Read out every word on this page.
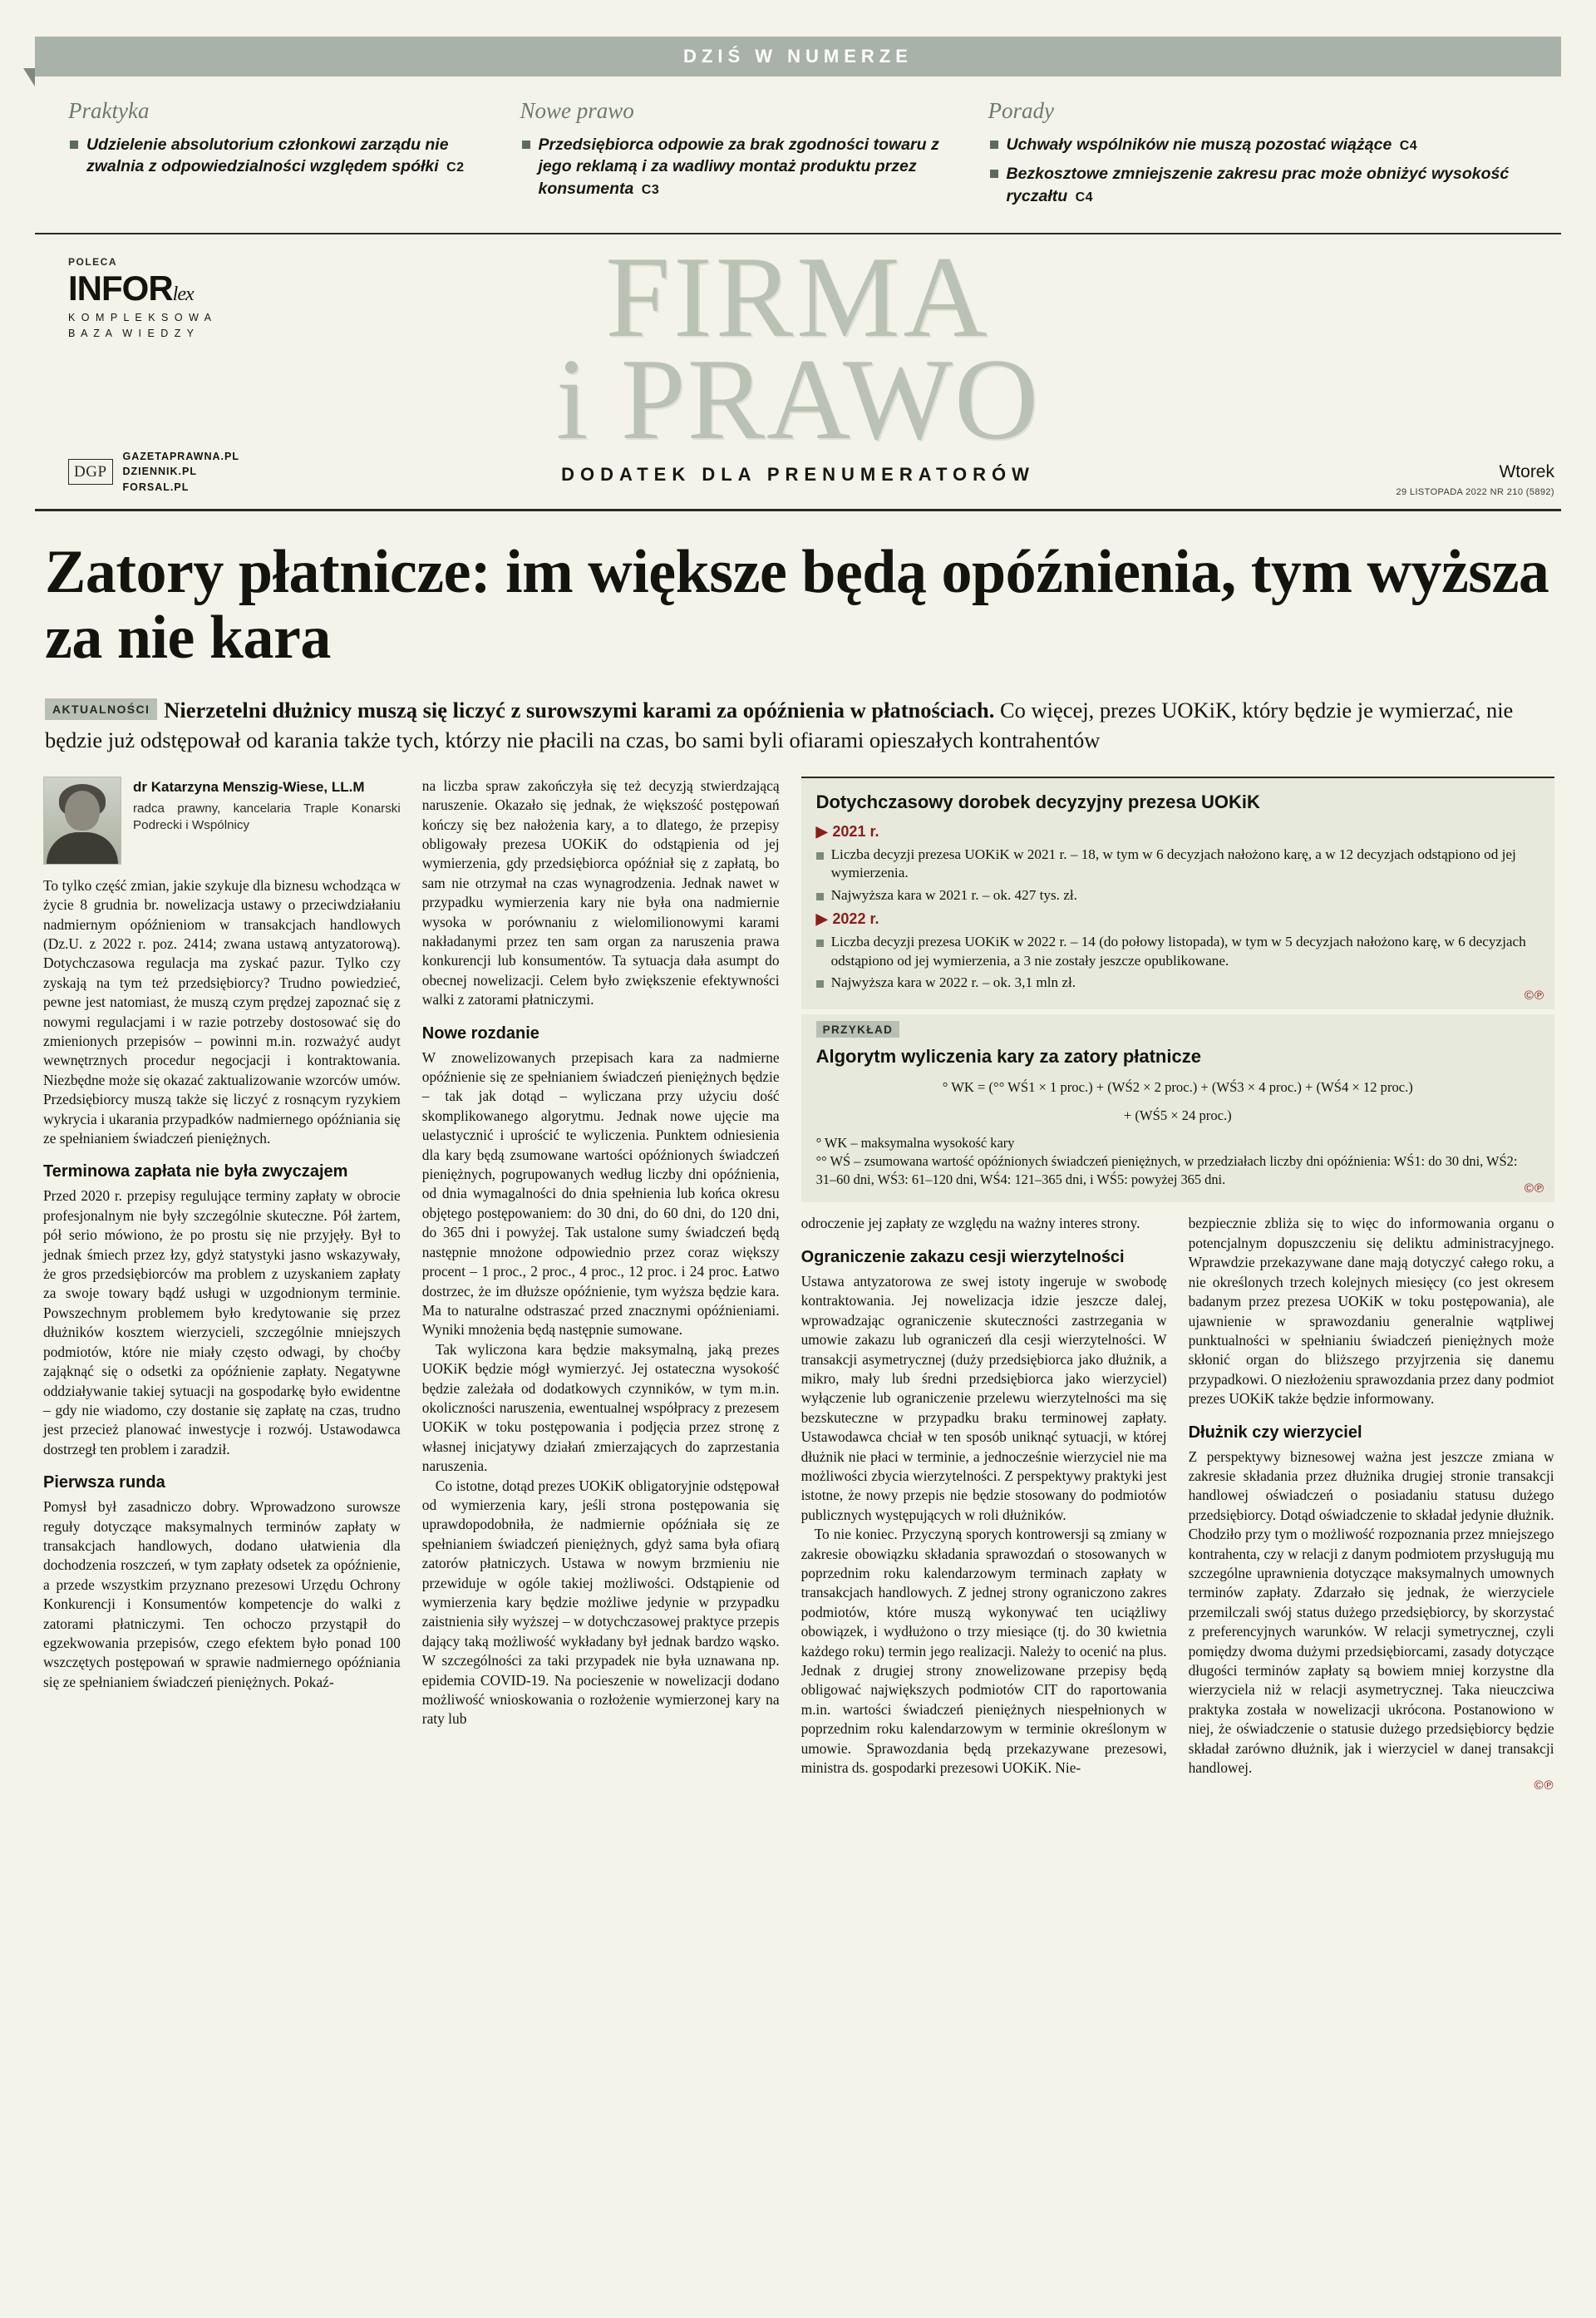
DZIŚ W NUMERZE
Praktyka
Udzielenie absolutorium członkowi zarządu nie zwalnia z odpowiedzialności względem spółki C2
Nowe prawo
Przedsiębiorca odpowie za brak zgodności towaru z jego reklamą i za wadliwy montaż produktu przez konsumenta C3
Porady
Uchwały wspólników nie muszą pozostać wiążące C4
Bezkosztowe zmniejszenie zakresu prac może obniżyć wysokość ryczałtu C4
POLECA
INFORlex
K O M P L E K S O W A
B A Z A  W I E D Z Y	FIRMA
i PRAWO
DODATEK DLA PRENUMERATORÓW
DGP
GAZETAPRAWNA.PL
DZIENNIK.PL
FORSAL.PL
Wtorek
29 LISTOPADA 2022 NR 210 (5892)
Zatory płatnicze: im większe będą opóźnienia, tym wyższa za nie kara
AKTUALNOŚCI Nierzetelni dłużnicy muszą się liczyć z surowszymi karami za opóźnienia w płatnościach. Co więcej, prezes UOKiK, który będzie je wymierzać, nie będzie już odstępował od karania także tych, którzy nie płacili na czas, bo sami byli ofiarami opieszałych kontrahentów
dr Katarzyna Menszig-Wiese, LL.M
radca prawny, kancelaria Traple Konarski Podrecki i Wspólnicy

To tylko część zmian, jakie szykuje dla biznesu wchodząca w życie 8 grudnia br. nowelizacja ustawy o przeciwdziałaniu nadmiernym opóźnieniom w transakcjach handlowych (Dz.U. z 2022 r. poz. 2414; zwana ustawą antyzatorową). Dotychczasowa regulacja ma zyskać pazur. Tylko czy zyskają na tym też przedsiębiorcy? Trudno powiedzieć, pewne jest natomiast, że muszą czym prędzej zapoznać się z nowymi regulacjami i w razie potrzeby dostosować się do zmienionych przepisów – powinni m.in. rozważyć audyt wewnętrznych procedur negocjacji i kontraktowania. Niezbędne może się okazać zaktualizowanie wzorców umów. Przedsiębiorcy muszą także się liczyć z rosnącym ryzykiem wykrycia i ukarania przypadków nadmiernego opóźniania się ze spełnianiem świadczeń pieniężnych.

Terminowa zapłata nie była zwyczajem

Przed 2020 r. przepisy regulujące terminy zapłaty w obrocie profesjonalnym nie były szczególnie skuteczne. Pół żartem, pół serio mówiono, że po prostu się nie przyjęły. Był to jednak śmiech przez łzy, gdyż statystyki jasno wskazywały, że gros przedsiębiorców ma problem z uzyskaniem zapłaty za swoje towary bądź usługi w uzgodnionym terminie. Powszechnym problemem było kredytowanie się przez dłużników kosztem wierzycieli, szczególnie mniejszych podmiotów, które nie miały często odwagi, by choćby zająknąć się o odsetki za opóźnienie zapłaty. Negatywne oddziaływanie takiej sytuacji na gospodarkę było ewidentne – gdy nie wiadomo, czy dostanie się zapłatę na czas, trudno jest przecież planować inwestycje i rozwój. Ustawodawca dostrzegł ten problem i zaradził.

Pierwsza runda

Pomysł był zasadniczo dobry. Wprowadzono surowsze reguły dotyczące maksymalnych terminów zapłaty w transakcjach handlowych, dodano ułatwienia dla dochodzenia roszczeń, w tym zapłaty odsetek za opóźnienie, a przede wszystkim przyznano prezesowi Urzędu Ochrony Konkurencji i Konsumentów kompetencje do walki z zatorami płatniczymi. Ten ochoczo przystąpił do egzekwowania przepisów, czego efektem było ponad 100 wszczętych postępowań w sprawie nadmiernego opóźniania się ze spełnianiem świadczeń pieniężnych. Pokaź-

na liczba spraw zakończyła się też decyzją stwierdzającą naruszenie. Okazało się jednak, że większość postępowań kończy się bez nałożenia kary, a to dlatego, że przepisy obligowały prezesa UOKiK do odstąpienia od jej wymierzenia, gdy przedsiębiorca opóźniał się z zapłatą, bo sam nie otrzymał na czas wynagrodzenia. Jednak nawet w przypadku wymierzenia kary nie była ona nadmiernie wysoka w porównaniu z wielomilionowymi karami nakładanymi przez ten sam organ za naruszenia prawa konkurencji lub konsumentów. Ta sytuacja dała asumpt do obecnej nowelizacji. Celem było zwiększenie efektywności walki z zatorami płatniczymi.

Nowe rozdanie

W znowelizowanych przepisach kara za nadmierne opóźnienie się ze spełnianiem świadczeń pieniężnych będzie – tak jak dotąd – wyliczana przy użyciu dość skomplikowanego algorytmu. Jednak nowe ujęcie ma uelastycznić i uprościć te wyliczenia. Punktem odniesienia dla kary będą zsumowane wartości opóźnionych świadczeń pieniężnych, pogrupowanych według liczby dni opóźnienia, od dnia wymagalności do dnia spełnienia lub końca okresu objętego postępowaniem: do 30 dni, do 60 dni, do 120 dni, do 365 dni i powyżej. Tak ustalone sumy świadczeń będą następnie mnożone odpowiednio przez coraz większy procent – 1 proc., 2 proc., 4 proc., 12 proc. i 24 proc. Łatwo dostrzec, że im dłuższe opóźnienie, tym wyższa będzie kara. Ma to naturalne odstraszać przed znacznymi opóźnieniami. Wyniki mnożenia będą następnie sumowane.

Tak wyliczona kara będzie maksymalną, jaką prezes UOKiK będzie mógł wymierzyć. Jej ostateczna wysokość będzie zależała od dodatkowych czynników, w tym m.in. okoliczności naruszenia, ewentualnej współpracy z prezesem UOKiK w toku postępowania i podjęcia przez stronę z własnej inicjatywy działań zmierzających do zaprzestania naruszenia.

Co istotne, dotąd prezes UOKiK obligatoryjnie odstępował od wymierzenia kary, jeśli strona postępowania się uprawdopodobniła, że nadmiernie opóźniała się ze spełnianiem świadczeń pieniężnych, gdyż sama była ofiarą zatorów płatniczych. Ustawa w nowym brzmieniu nie przewiduje w ogóle takiej możliwości. Odstąpienie od wymierzenia kary będzie możliwe jedynie w przypadku zaistnienia siły wyższej – w dotychczasowej praktyce przepis dający taką możliwość wykładany był jednak bardzo wąsko. W szczególności za taki przypadek nie była uznawana np. epidemia COVID-19. Na pocieszenie w nowelizacji dodano możliwość wnioskowania o rozłożenie wymierzonej kary na raty lub

Dotychczasowy dorobek decyzyjny prezesa UOKiK
▶ 2021 r.
Liczba decyzji prezesa UOKiK w 2021 r. – 18, w tym w 6 decyzjach nałożono karę, a w 12 decyzjach odstąpiono od jej wymierzenia.
Najwyższa kara w 2021 r. – ok. 427 tys. zł.
▶ 2022 r.
Liczba decyzji prezesa UOKiK w 2022 r. – 14 (do połowy listopada), w tym w 5 decyzjach nałożono karę, w 6 decyzjach odstąpiono od jej wymierzenia, a 3 nie zostały jeszcze opublikowane.
Najwyższa kara w 2022 r. – ok. 3,1 mln zł.
©℗
PRZYKŁAD
Algorytm wyliczenia kary za zatory płatnicze
° WK = (°° WŚ1 × 1 proc.) + (WŚ2 × 2 proc.) + (WŚ3 × 4 proc.) + (WŚ4 × 12 proc.)
+ (WŚ5 × 24 proc.)
° WK – maksymalna wysokość kary
°° WŚ – zsumowana wartość opóźnionych świadczeń pieniężnych, w przedziałach liczby dni opóźnienia: WŚ1: do 30 dni, WŚ2: 31–60 dni, WŚ3: 61–120 dni, WŚ4: 121–365 dni, i WŚ5: powyżej 365 dni.
©℗

odroczenie jej zapłaty ze względu na ważny interes strony.

Ograniczenie zakazu cesji wierzytelności

Ustawa antyzatorowa ze swej istoty ingeruje w swobodę kontraktowania. Jej nowelizacja idzie jeszcze dalej, wprowadzając ograniczenie skuteczności zastrzegania w umowie zakazu lub ograniczeń dla cesji wierzytelności. W transakcji asymetrycznej (duży przedsiębiorca jako dłużnik, a mikro, mały lub średni przedsiębiorca jako wierzyciel) wyłączenie lub ograniczenie przelewu wierzytelności ma się bezskuteczne w przypadku braku terminowej zapłaty. Ustawodawca chciał w ten sposób uniknąć sytuacji, w której dłużnik nie płaci w terminie, a jednocześnie wierzyciel nie ma możliwości zbycia wierzytelności. Z perspektywy praktyki jest istotne, że nowy przepis nie będzie stosowany do podmiotów publicznych występujących w roli dłużników.

To nie koniec. Przyczyną sporych kontrowersji są zmiany w zakresie obowiązku składania sprawozdań o stosowanych w poprzednim roku kalendarzowym terminach zapłaty w transakcjach handlowych. Z jednej strony ograniczono zakres podmiotów, które muszą wykonywać ten uciążliwy obowiązek, i wydłużono o trzy miesiące (tj. do 30 kwietnia każdego roku) termin jego realizacji. Należy to ocenić na plus. Jednak z drugiej strony znowelizowane przepisy będą obligować największych podmiotów CIT do raportowania m.in. wartości świadczeń pieniężnych niespełnionych w poprzednim roku kalendarzowym w terminie określonym w umowie. Sprawozdania będą przekazywane prezesowi, ministra ds. gospodarki prezesowi UOKiK. Nie-

bezpiecznie zbliża się to więc do informowania organu o potencjalnym dopuszczeniu się deliktu administracyjnego. Wprawdzie przekazywane dane mają dotyczyć całego roku, a nie określonych trzech kolejnych miesięcy (co jest okresem badanym przez prezesa UOKiK w toku postępowania), ale ujawnienie w sprawozdaniu generalnie wątpliwej punktualności w spełnianiu świadczeń pieniężnych może skłonić organ do bliższego przyjrzenia się danemu przypadkowi. O niezłożeniu sprawozdania przez dany podmiot prezes UOKiK także będzie informowany.

Dłużnik czy wierzyciel

Z perspektywy biznesowej ważna jest jeszcze zmiana w zakresie składania przez dłużnika drugiej stronie transakcji handlowej oświadczeń o posiadaniu statusu dużego przedsiębiorcy. Dotąd oświadczenie to składał jedynie dłużnik. Chodziło przy tym o możliwość rozpoznania przez mniejszego kontrahenta, czy w relacji z danym podmiotem przysługują mu szczególne uprawnienia dotyczące maksymalnych umownych terminów zapłaty. Zdarzało się jednak, że wierzyciele przemilczali swój status dużego przedsiębiorcy, by skorzystać z preferencyjnych warunków. W relacji symetrycznej, czyli pomiędzy dwoma dużymi przedsiębiorcami, zasady dotyczące długości terminów zapłaty są bowiem mniej korzystne dla wierzyciela niż w relacji asymetrycznej. Taka nieuczciwa praktyka została w nowelizacji ukrócona. Postanowiono w niej, że oświadczenie o statusie dużego przedsiębiorcy będzie składał zarówno dłużnik, jak i wierzyciel w danej transakcji handlowej.

©℗
